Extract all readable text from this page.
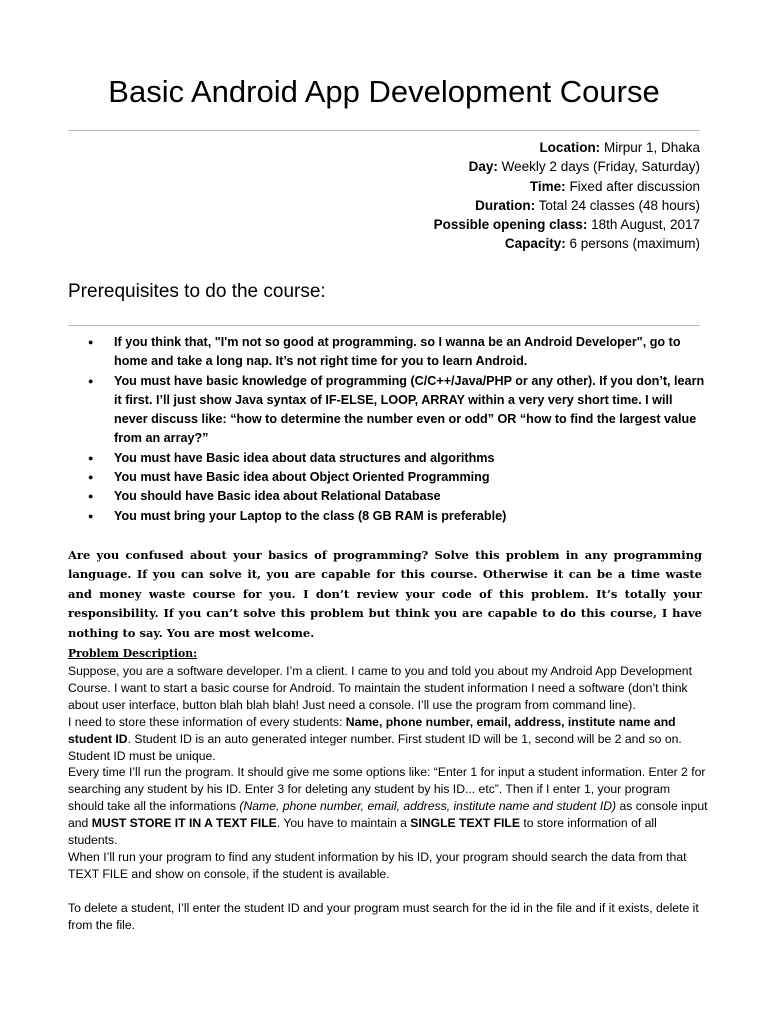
Basic Android App Development Course
Location: Mirpur 1, Dhaka
Day: Weekly 2 days (Friday, Saturday)
Time: Fixed after discussion
Duration: Total 24 classes (48 hours)
Possible opening class: 18th August, 2017
Capacity: 6 persons (maximum)
Prerequisites to do the course:
● If you think that, "I'm not so good at programming. so I wanna be an Android Developer", go to home and take a long nap. It’s not right time for you to learn Android.
● You must have basic knowledge of programming (C/C++/Java/PHP or any other). If you don’t, learn it first. I’ll just show Java syntax of IF-ELSE, LOOP, ARRAY within a very very short time. I will never discuss like: “how to determine the number even or odd” OR “how to find the largest value from an array?”
● You must have Basic idea about data structures and algorithms
● You must have Basic idea about Object Oriented Programming
● You should have Basic idea about Relational Database
● You must bring your Laptop to the class (8 GB RAM is preferable)

Are you confused about your basics of programming? Solve this problem in any programming language. If you can solve it, you are capable for this course. Otherwise it can be a time waste and money waste course for you. I don’t review your code of this problem. It’s totally your responsibility. If you can’t solve this problem but think you are capable to do this course, I have nothing to say. You are most welcome.

Problem Description:

Suppose, you are a software developer. I’m a client. I came to you and told you about my Android App Development Course. I want to start a basic course for Android. To maintain the student information I need a software (don’t think about user interface, button blah blah blah! Just need a console. I’ll use the program from command line).

I need to store these information of every students: Name, phone number, email, address, institute name and student ID. Student ID is an auto generated integer number. First student ID will be 1, second will be 2 and so on. Student ID must be unique.

Every time I’ll run the program. It should give me some options like: “Enter 1 for input a student information. Enter 2 for searching any student by his ID. Enter 3 for deleting any student by his ID... etc”. Then if I enter 1, your program should take all the informations (Name, phone number, email, address, institute name and student ID) as console input and MUST STORE IT IN A TEXT FILE. You have to maintain a SINGLE TEXT FILE to store information of all students.

When I’ll run your program to find any student information by his ID, your program should search the data from that TEXT FILE and show on console, if the student is available.

To delete a student, I’ll enter the student ID and your program must search for the id in the file and if it exists, delete it from the file.
